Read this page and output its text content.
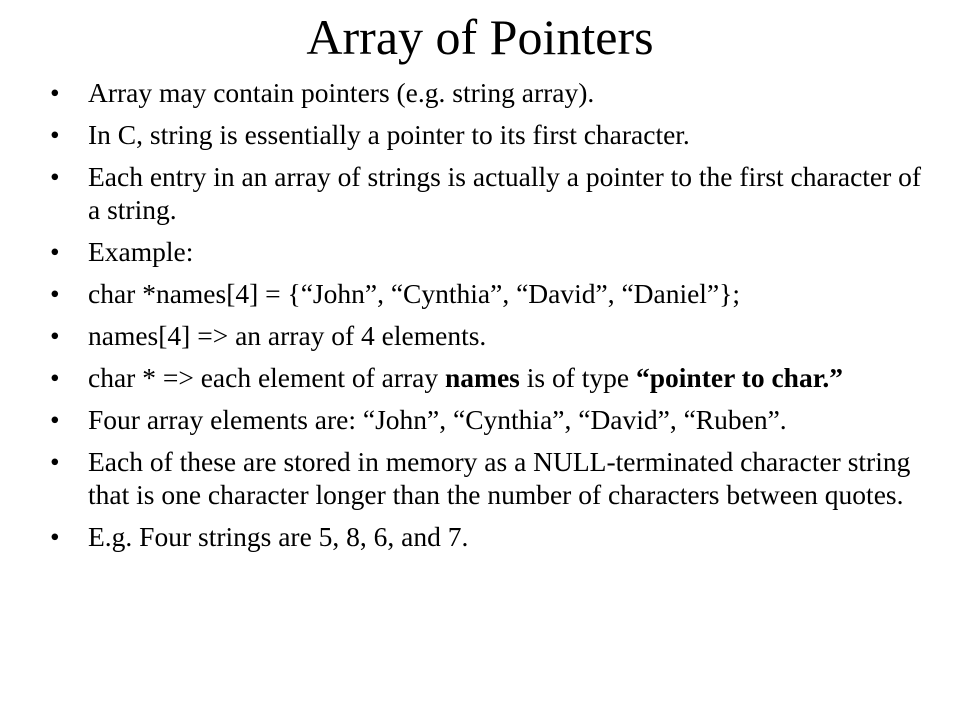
Array of Pointers
•	Array may contain pointers (e.g. string array).
•	In C, string is essentially a pointer to its first character.
•	Each entry in an array of strings is actually a pointer to the first character of a string.
•	Example:
•	char *names[4] = {“John”, “Cynthia”, “David”, “Daniel”};
•	names[4] => an array of 4 elements.
•	char * => each element of array names is of type “pointer to char.”
•	Four array elements are: “John”, “Cynthia”, “David”, “Ruben”.
•	Each of these are stored in memory as a NULL-terminated character string that is one character longer than the number of characters between quotes.
•	E.g. Four strings are 5, 8, 6, and 7.
